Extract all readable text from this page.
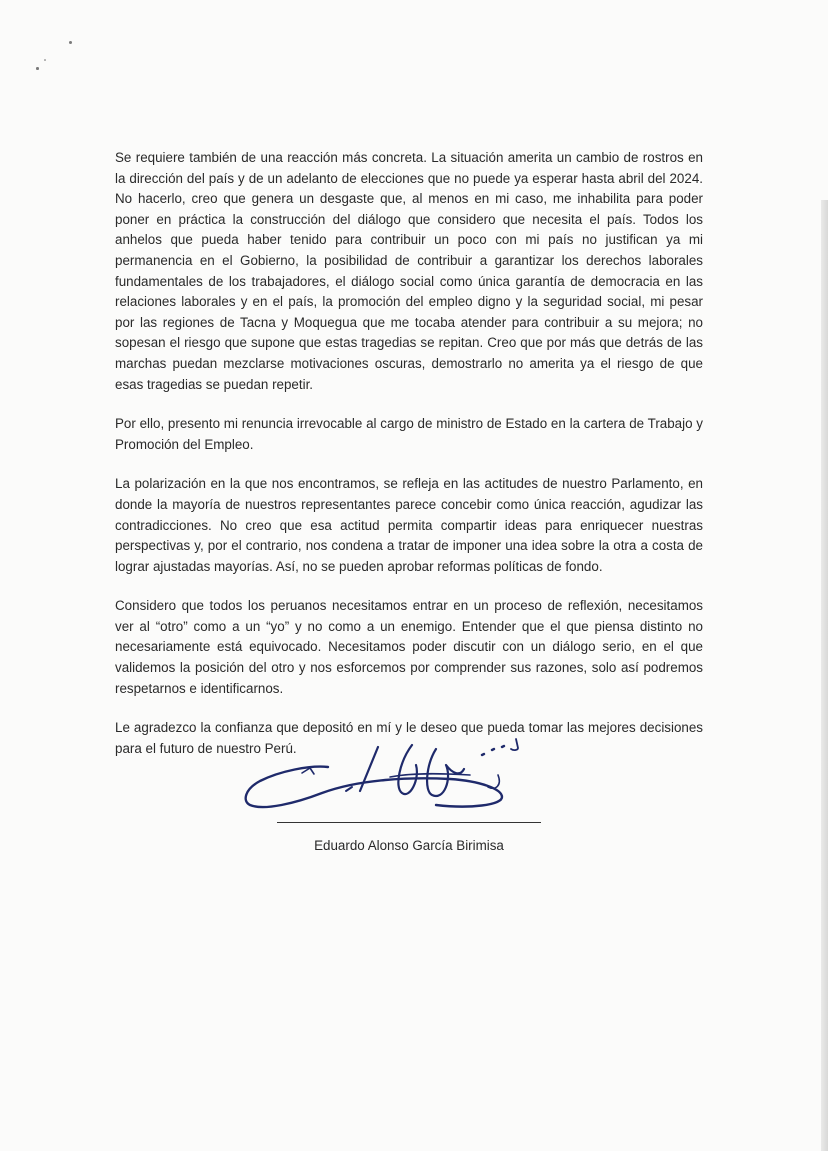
Se requiere también de una reacción más concreta. La situación amerita un cambio de rostros en la dirección del país y de un adelanto de elecciones que no puede ya esperar hasta abril del 2024. No hacerlo, creo que genera un desgaste que, al menos en mi caso, me inhabilita para poder poner en práctica la construcción del diálogo que considero que necesita el país. Todos los anhelos que pueda haber tenido para contribuir un poco con mi país no justifican ya mi permanencia en el Gobierno, la posibilidad de contribuir a garantizar los derechos laborales fundamentales de los trabajadores, el diálogo social como única garantía de democracia en las relaciones laborales y en el país, la promoción del empleo digno y la seguridad social, mi pesar por las regiones de Tacna y Moquegua que me tocaba atender para contribuir a su mejora; no sopesan el riesgo que supone que estas tragedias se repitan. Creo que por más que detrás de las marchas puedan mezclarse motivaciones oscuras, demostrarlo no amerita ya el riesgo de que esas tragedias se puedan repetir.

Por ello, presento mi renuncia irrevocable al cargo de ministro de Estado en la cartera de Trabajo y Promoción del Empleo.

La polarización en la que nos encontramos, se refleja en las actitudes de nuestro Parlamento, en donde la mayoría de nuestros representantes parece concebir como única reacción, agudizar las contradicciones. No creo que esa actitud permita compartir ideas para enriquecer nuestras perspectivas y, por el contrario, nos condena a tratar de imponer una idea sobre la otra a costa de lograr ajustadas mayorías. Así, no se pueden aprobar reformas políticas de fondo.

Considero que todos los peruanos necesitamos entrar en un proceso de reflexión, necesitamos ver al “otro” como a un “yo” y no como a un enemigo. Entender que el que piensa distinto no necesariamente está equivocado. Necesitamos poder discutir con un diálogo serio, en el que validemos la posición del otro y nos esforcemos por comprender sus razones, solo así podremos respetarnos e identificarnos.

Le agradezco la confianza que depositó en mí y le deseo que pueda tomar las mejores decisiones para el futuro de nuestro Perú.

Eduardo Alonso García Birimisa
